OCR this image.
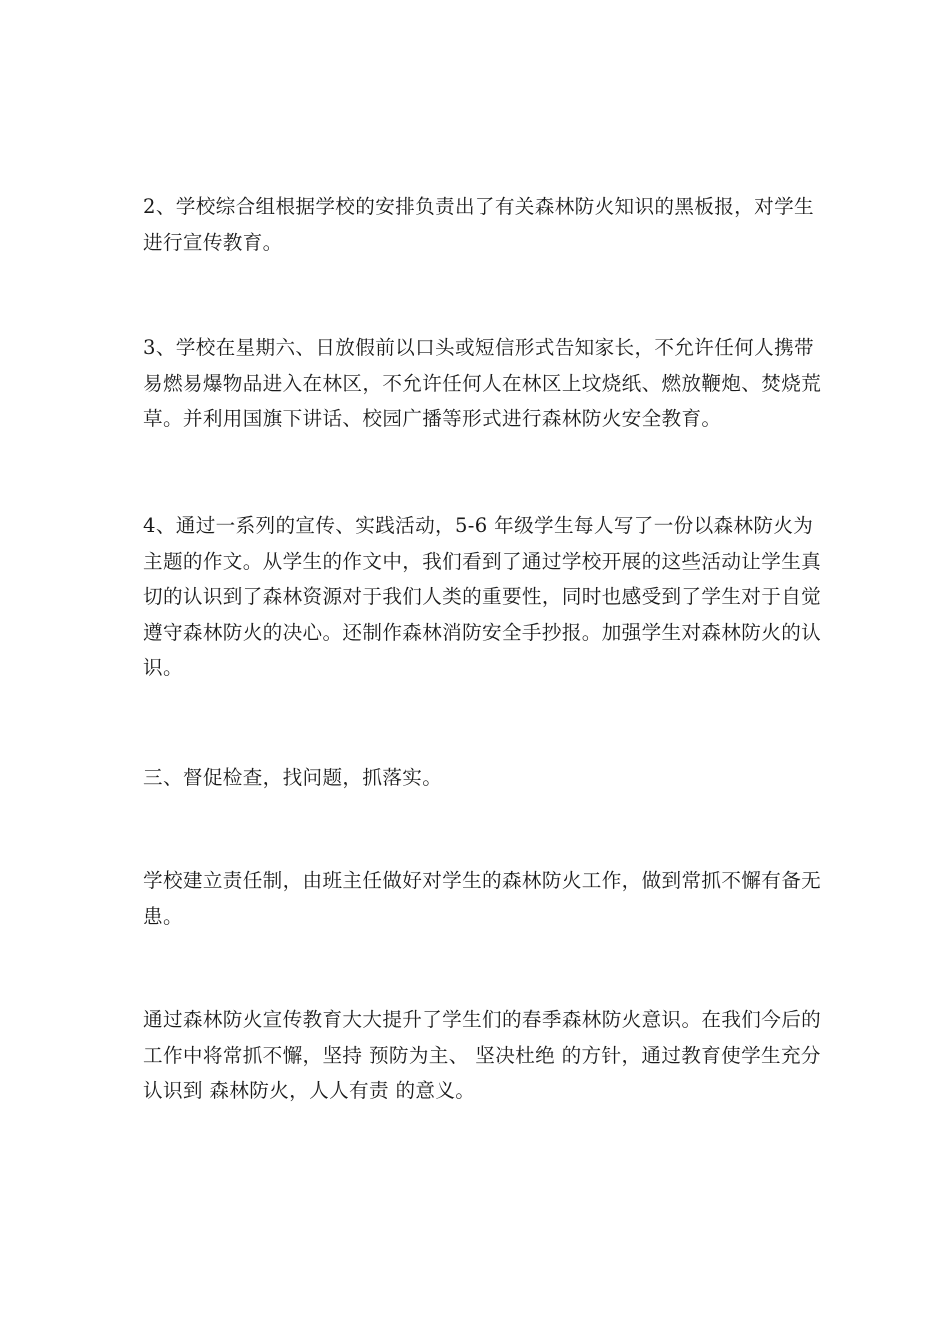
2、学校综合组根据学校的安排负责出了有关森林防火知识的黑板报，对学生
进行宣传教育。

3、学校在星期六、日放假前以口头或短信形式告知家长，不允许任何人携带
易燃易爆物品进入在林区，不允许任何人在林区上坟烧纸、燃放鞭炮、焚烧荒
草。并利用国旗下讲话、校园广播等形式进行森林防火安全教育。

4、通过一系列的宣传、实践活动，5-6 年级学生每人写了一份以森林防火为
主题的作文。从学生的作文中，我们看到了通过学校开展的这些活动让学生真
切的认识到了森林资源对于我们人类的重要性，同时也感受到了学生对于自觉
遵守森林防火的决心。还制作森林消防安全手抄报。加强学生对森林防火的认
识。

三、督促检查，找问题，抓落实。

学校建立责任制，由班主任做好对学生的森林防火工作，做到常抓不懈有备无
患。

通过森林防火宣传教育大大提升了学生们的春季森林防火意识。在我们今后的
工作中将常抓不懈，坚持 预防为主、 坚决杜绝 的方针，通过教育使学生充分
认识到 森林防火，人人有责 的意义。
